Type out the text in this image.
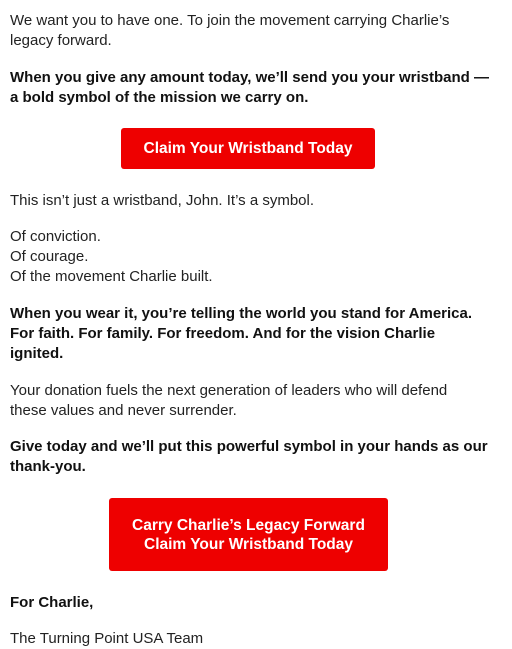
We want you to have one. To join the movement carrying Charlie’s
legacy forward.

When you give any amount today, we’ll send you your wristband —
a bold symbol of the mission we carry on.

Claim Your Wristband Today

This isn’t just a wristband, John. It’s a symbol.

Of conviction.
Of courage.
Of the movement Charlie built.

When you wear it, you’re telling the world you stand for America.
For faith. For family. For freedom. And for the vision Charlie
ignited.

Your donation fuels the next generation of leaders who will defend
these values and never surrender.

Give today and we’ll put this powerful symbol in your hands as our
thank-you.

Carry Charlie’s Legacy Forward
Claim Your Wristband Today

For Charlie,

The Turning Point USA Team
